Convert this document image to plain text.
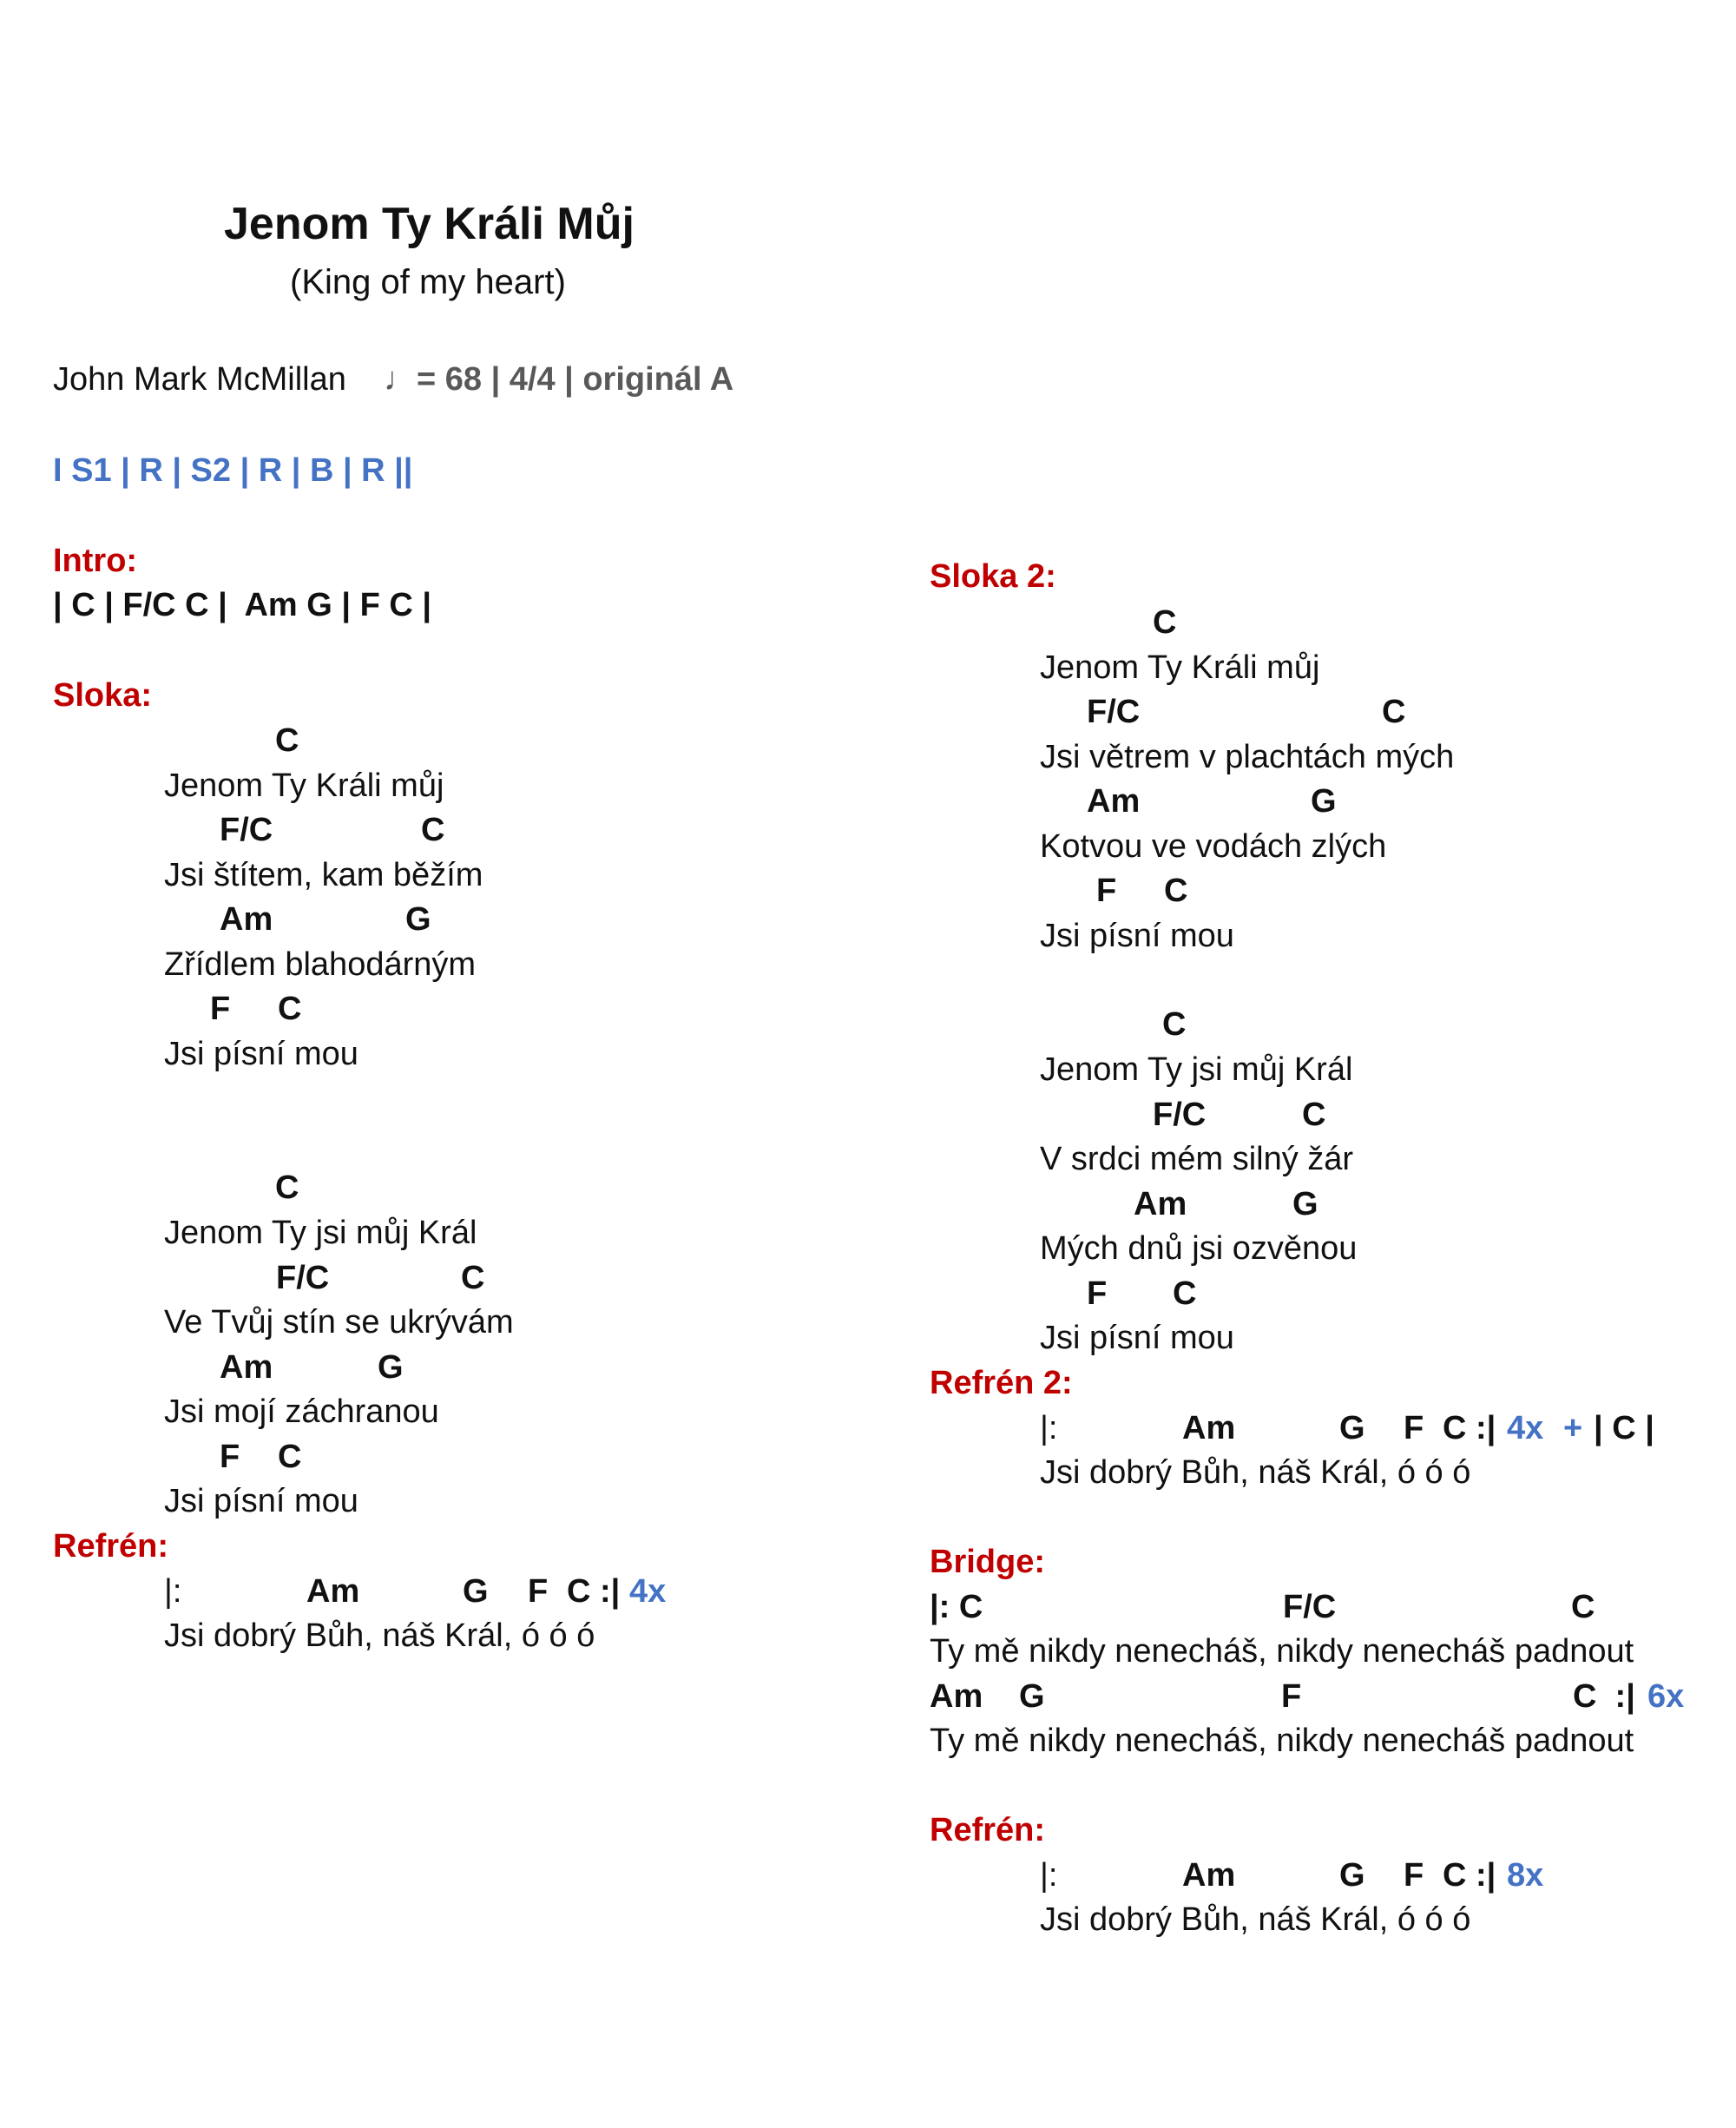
Jenom Ty Králi Můj
(King of my heart)
John Mark McMillan ♩= 68 | 4/4 | originál A
I S1 | R | S2 | R | B | R ||
Intro:
| C | F/C C |  Am G | F C |
Sloka:
C
Jenom Ty Králi můj
F/C	C
Jsi štítem, kam běžím
Am	G
Zřídlem blahodárným
F C
Jsi písní mou
C
Jenom Ty jsi můj Král
F/C	C
Ve Tvůj stín se ukrývám
Am	G
Jsi mojí záchranou
F C
Jsi písní mou
Refrén:
|:	Am	G F C :| 4x
Jsi dobrý Bůh, náš Král, ó ó ó
Sloka 2:
C
Jenom Ty Králi můj
F/C	C
Jsi větrem v plachtách mých
Am	G
Kotvou ve vodách zlých
F C
Jsi písní mou
C
Jenom Ty jsi můj Král
F/C	C
V srdci mém silný žár
Am	G
Mých dnů jsi ozvěnou
F C
Jsi písní mou
Refrén 2:
|:	Am	G F C :| 4x + | C |
Jsi dobrý Bůh, náš Král, ó ó ó
Bridge:
|: C	F/C	C
Ty mě nikdy nenecháš, nikdy nenecháš padnout
Am G	F	C  :| 6x
Ty mě nikdy nenecháš, nikdy nenecháš padnout
Refrén:
|:	Am	G F C :| 8x
Jsi dobrý Bůh, náš Král, ó ó ó
